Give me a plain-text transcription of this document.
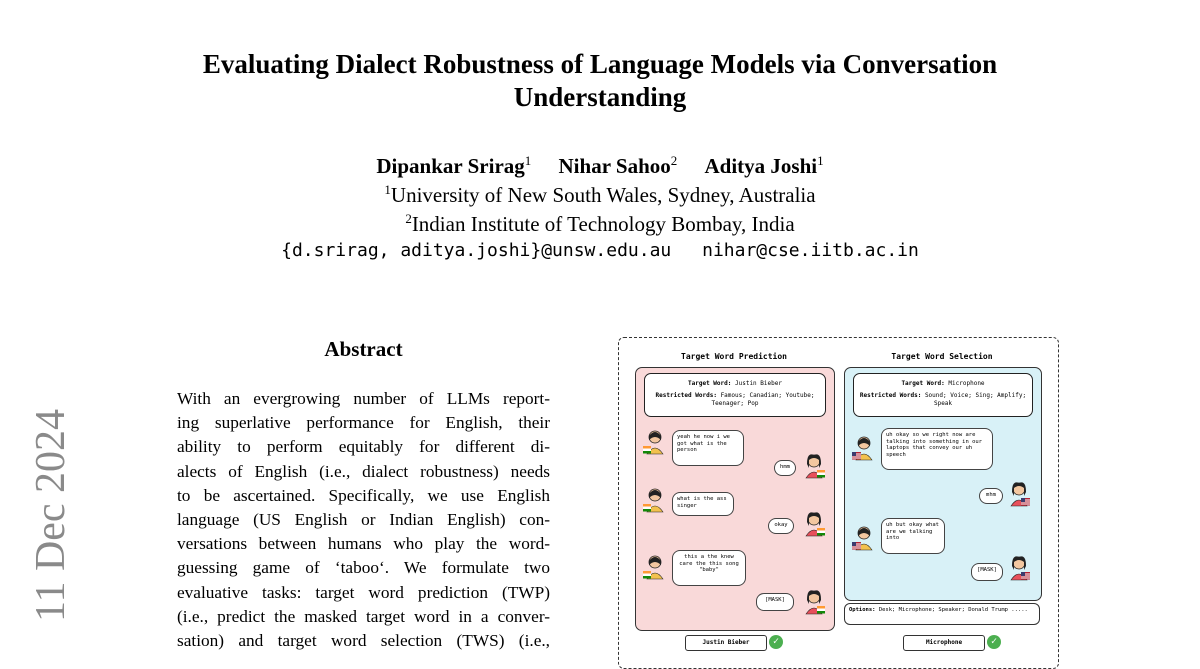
Evaluating Dialect Robustness of Language Models via Conversation
Understanding
Dipankar Srirag$^1$ Nihar Sahoo$^2$ Aditya Joshi$^1$
$^1$University of New South Wales, Sydney, Australia
$^2$Indian Institute of Technology Bombay, India
{d.srirag, aditya.joshi}@unsw.edu.au nihar@cse.iitb.ac.in
11 Dec 2024
Abstract
With an evergrowing number of LLMs report-
ing superlative performance for English, their
ability to perform equitably for different di-
alects of English (i.e., dialect robustness) needs
to be ascertained. Specifically, we use English
language (US English or Indian English) con-
versations between humans who play the word-
guessing game of ‘taboo‘. We formulate two
evaluative tasks: target word prediction (TWP)
(i.e., predict the masked target word in a conver-
sation) and target word selection (TWS) (i.e.,
Target Word Prediction	Target Word Selection
Target Word: Justin Bieber
Restricted Words: Famous; Canadian; Youtube; Teenager; Pop
yeah he now i we got what is the person
hmm
what is the ass singer
okay
this a the knew care the this song "baby"
[MASK]
Target Word: Microphone
Restricted Words: Sound; Voice; Sing; Amplify; Speak
uh okay so we right now are talking into something in our laptops that convey our uh speech
mhm
uh but okay what are we talking into
[MASK]
Options: Desk; Microphone; Speaker; Donald Trump .....
Justin Bieber	✓	Microphone	✓
